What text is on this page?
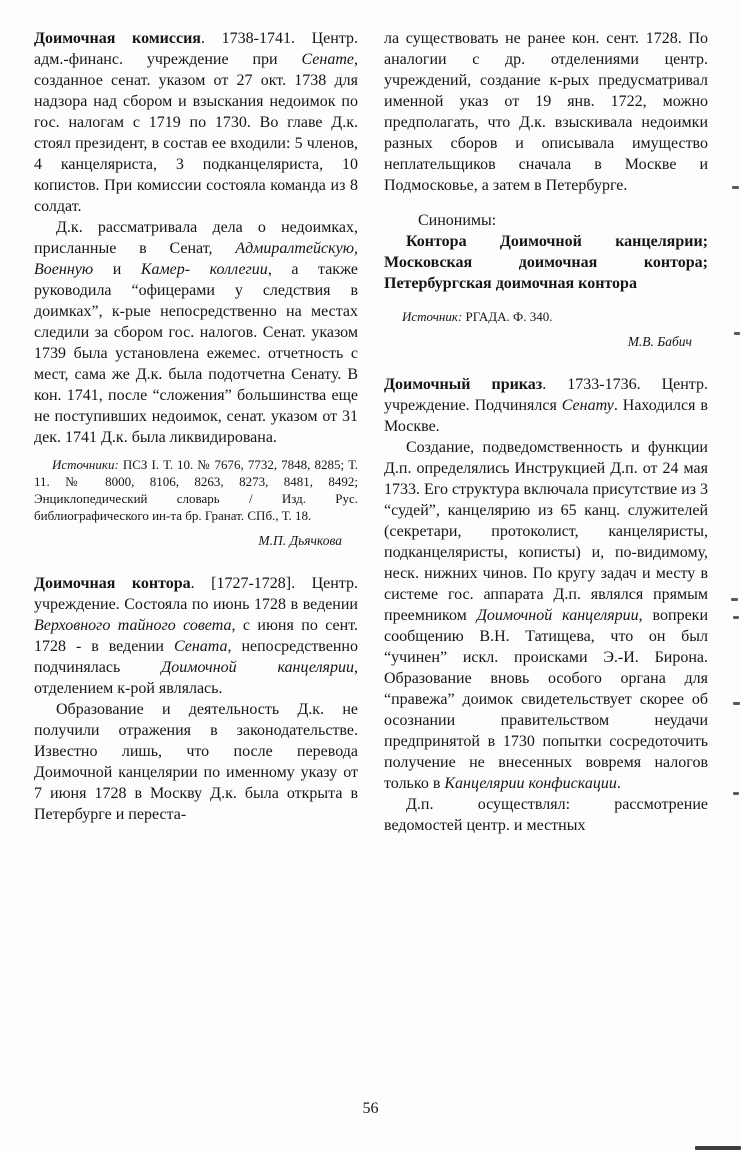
Доимочная комиссия. 1738-1741. Центр. адм.-финанс. учреждение при Сенате, созданное сенат. указом от 27 окт. 1738 для надзора над сбором и взыскания недоимок по гос. налогам с 1719 по 1730. Во главе Д.к. стоял президент, в состав ее входили: 5 членов, 4 канцеляриста, 3 подканцеляриста, 10 копистов. При комиссии состояла команда из 8 солдат.

Д.к. рассматривала дела о недоимках, присланные в Сенат, Адмиралтейскую, Военную и Камер- коллегии, а также руководила “офицерами у следствия в доимках”, к-рые непосредственно на местах следили за сбором гос. налогов. Сенат. указом 1739 была установлена ежемес. отчетность с мест, сама же Д.к. была подотчетна Сенату. В кон. 1741, после “сложения” большинства еще не поступивших недоимок, сенат. указом от 31 дек. 1741 Д.к. была ликвидирована.

Источники: ПСЗ I. Т. 10. № 7676, 7732, 7848, 8285; Т. 11. № 8000, 8106, 8263, 8273, 8481, 8492; Энциклопедический словарь / Изд. Рус. библиографического ин-та бр. Гранат. СПб., Т. 18.

М.П. Дьячкова

Доимочная контора. [1727-1728]. Центр. учреждение. Состояла по июнь 1728 в ведении Верховного тайного совета, с июня по сент. 1728 - в ведении Сената, непосредственно подчинялась Доимочной канцелярии, отделением к-рой являлась.

Образование и деятельность Д.к. не получили отражения в законодательстве. Известно лишь, что после перевода Доимочной канцелярии по именному указу от 7 июня 1728 в Москву Д.к. была открыта в Петербурге и переста-

ла существовать не ранее кон. сент. 1728. По аналогии с др. отделениями центр. учреждений, создание к-рых предусматривал именной указ от 19 янв. 1722, можно предполагать, что Д.к. взыскивала недоимки разных сборов и описывала имущество неплательщиков сначала в Москве и Подмосковье, а затем в Петербурге.

Синонимы:

Контора Доимочной канцелярии; Московская доимочная контора; Петербургская доимочная контора

Источник: РГАДА. Ф. 340.

М.В. Бабич

Доимочный приказ. 1733-1736. Центр. учреждение. Подчинялся Сенату. Находился в Москве.

Создание, подведомственность и функции Д.п. определялись Инструкцией Д.п. от 24 мая 1733. Его структура включала присутствие из 3 “судей”, канцелярию из 65 канц. служителей (секретари, протоколист, канцеляристы, подканцеляристы, кописты) и, по-видимому, неск. нижних чинов. По кругу задач и месту в системе гос. аппарата Д.п. являлся прямым преемником Доимочной канцелярии, вопреки сообщению В.Н. Татищева, что он был “учинен” искл. происками Э.-И. Бирона. Образование вновь особого органа для “правежа” доимок свидетельствует скорее об осознании правительством неудачи предпринятой в 1730 попытки сосредоточить получение не внесенных вовремя налогов только в Канцелярии конфискации.

Д.п. осуществлял: рассмотрение ведомостей центр. и местных

56
